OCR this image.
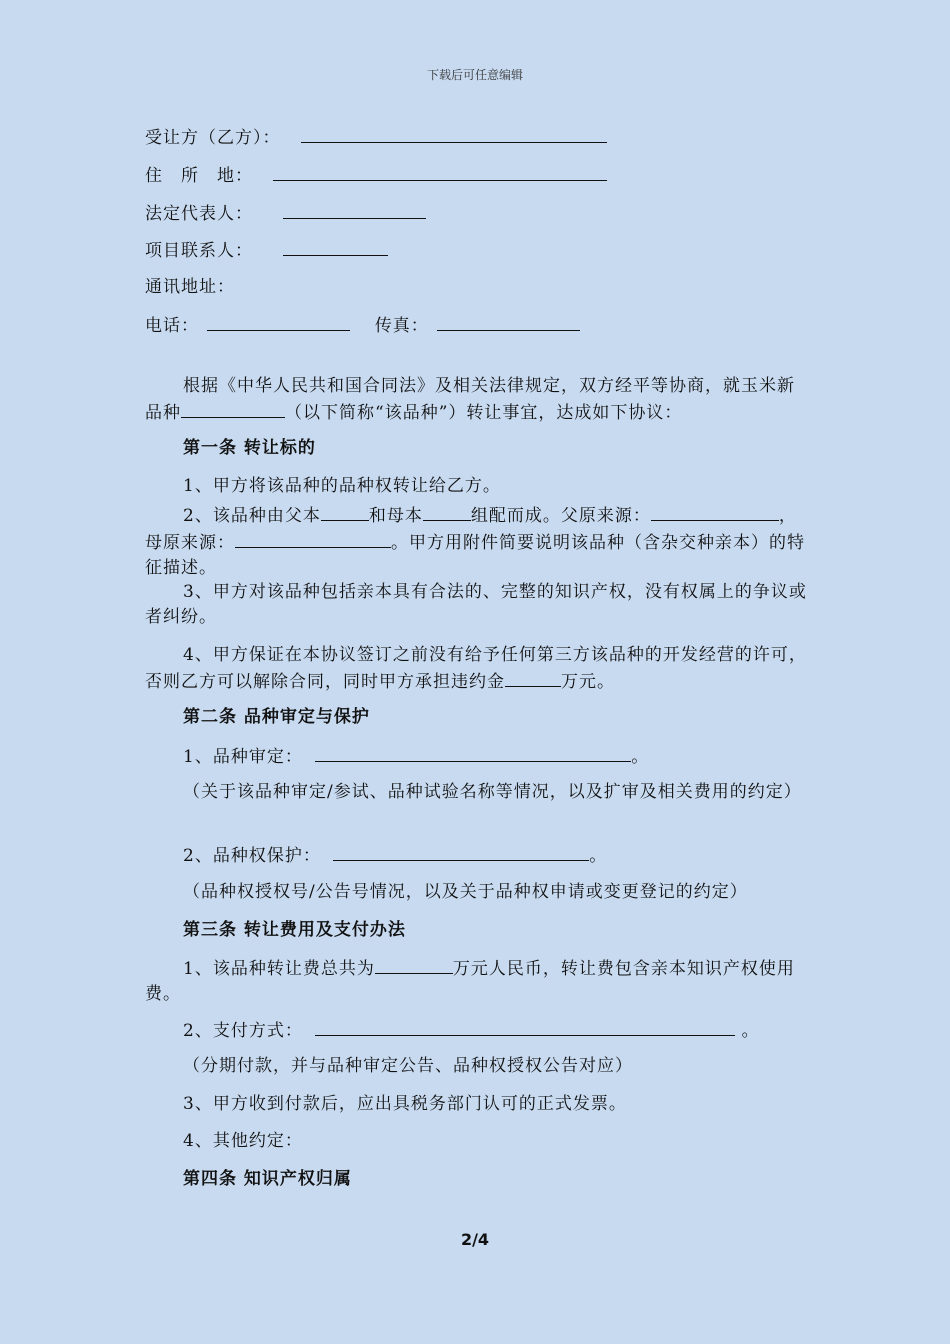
下载后可任意编辑
受让方（乙方）：
住　所　地：
法定代表人：
项目联系人：
通讯地址：
电话：	传真：
根据《中华人民共和国合同法》及相关法律规定，双方经平等协商，就玉米新品种	（以下简称“该品种”）转让事宜，达成如下协议：
第一条 转让标的
1、甲方将该品种的品种权转让给乙方。
2、该品种由父本	和母本	组配而成。父原来源：	，母原来源：	。甲方用附件简要说明该品种（含杂交种亲本）的特征描述。
3、甲方对该品种包括亲本具有合法的、完整的知识产权，没有权属上的争议或者纠纷。
4、甲方保证在本协议签订之前没有给予任何第三方该品种的开发经营的许可，否则乙方可以解除合同，同时甲方承担违约金	万元。
第二条 品种审定与保护
1、品种审定：	。
（关于该品种审定/参试、品种试验名称等情况，以及扩审及相关费用的约定）
2、品种权保护：	。
（品种权授权号/公告号情况，以及关于品种权申请或变更登记的约定）
第三条 转让费用及支付办法
1、该品种转让费总共为	万元人民币，转让费包含亲本知识产权使用费。
2、支付方式：	。
（分期付款，并与品种审定公告、品种权授权公告对应）
3、甲方收到付款后，应出具税务部门认可的正式发票。
4、其他约定：
第四条 知识产权归属
2/4
